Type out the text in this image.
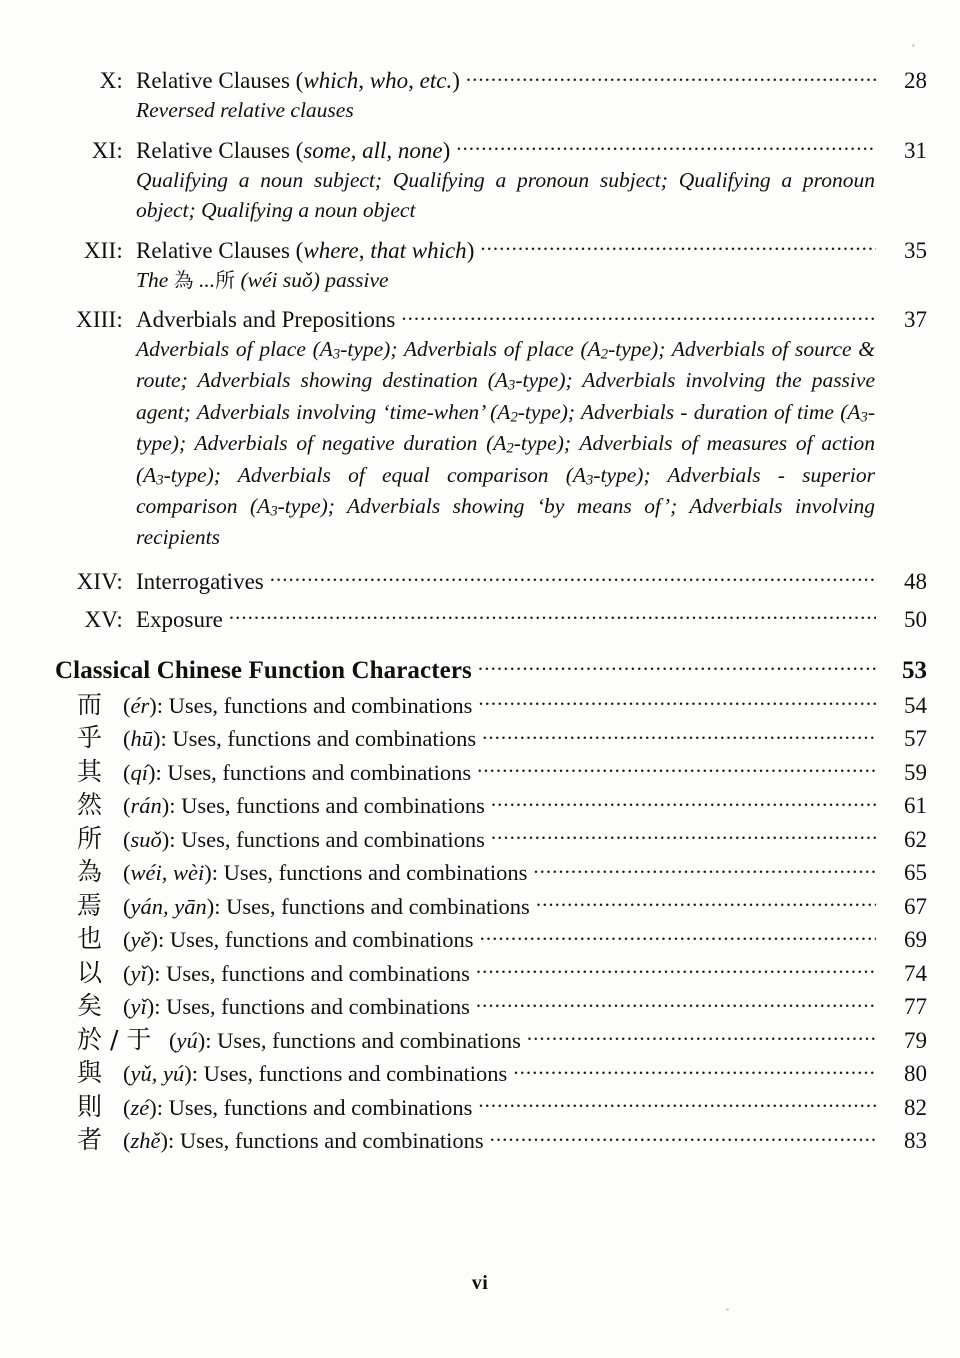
X: Relative Clauses (which, who, etc.) .....	28
Reversed relative clauses
XI: Relative Clauses (some, all, none) .....	31
Qualifying a noun subject; Qualifying a pronoun subject; Qualifying a pronoun object; Qualifying a noun object
XII: Relative Clauses (where, that which) .....	35
The 為 ...所 (wéi suǒ) passive
XIII: Adverbials and Prepositions .....	37
Adverbials of place $(A_3-type)$; Adverbials of place $(A_2-type)$; Adverbials of source & route; Adverbials showing destination $(A_3-type)$; Adverbials involving the passive agent; Adverbials involving ‘time-when’ $(A_2-type)$; Adverbials - duration of time $(A_3-type)$; Adverbials of negative duration $(A_2-type)$; Adverbials of measures of action $(A_3-type)$; Adverbials of equal comparison $(A_3-type)$; Adverbials - superior comparison $(A_3-type)$; Adverbials showing ‘by means of’; Adverbials involving recipients
XIV: Interrogatives .....	48
XV: Exposure .....	50
Classical Chinese Function Characters .....	53
而 (ér): Uses, functions and combinations .....	54
乎 (hū): Uses, functions and combinations .....	57
其 (qí): Uses, functions and combinations .....	59
然 (rán): Uses, functions and combinations .....	61
所 (suǒ): Uses, functions and combinations .....	62
為 (wéi, wèi): Uses, functions and combinations .....	65
焉 (yán, yān): Uses, functions and combinations .....	67
也 (yě): Uses, functions and combinations .....	69
以 (yǐ): Uses, functions and combinations .....	74
矣 (yǐ): Uses, functions and combinations .....	77
於 / 于 (yú): Uses, functions and combinations .....	79
與 (yǔ, yú): Uses, functions and combinations .....	80
則 (zé): Uses, functions and combinations .....	82
者 (zhě): Uses, functions and combinations .....	83
vi
